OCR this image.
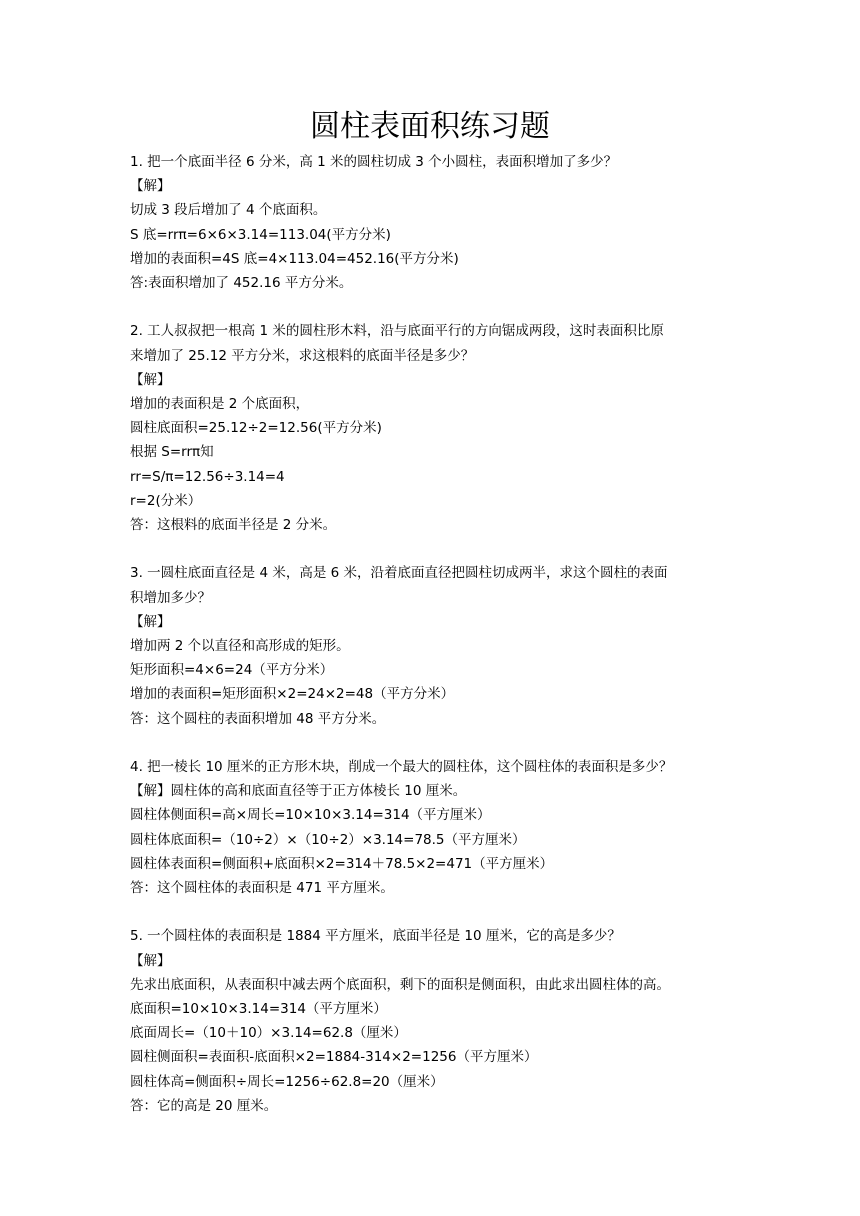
圆柱表面积练习题
1. 把一个底面半径 6 分米，高 1 米的圆柱切成 3 个小圆柱，表面积增加了多少？
【解】
切成 3 段后增加了 4 个底面积。
S 底=rrπ=6×6×3.14=113.04(平方分米)
增加的表面积=4S 底=4×113.04=452.16(平方分米)
答:表面积增加了 452.16 平方分米。
2. 工人叔叔把一根高 1 米的圆柱形木料，沿与底面平行的方向锯成两段，这时表面积比原
来增加了 25.12 平方分米，求这根料的底面半径是多少？
【解】
增加的表面积是 2 个底面积，
圆柱底面积=25.12÷2=12.56(平方分米)
根据 S=rrπ知
rr=S/π=12.56÷3.14=4
r=2(分米）
答：这根料的底面半径是 2 分米。
3. 一圆柱底面直径是 4 米，高是 6 米，沿着底面直径把圆柱切成两半，求这个圆柱的表面
积增加多少？
【解】
增加两 2 个以直径和高形成的矩形。
矩形面积=4×6=24（平方分米）
增加的表面积=矩形面积×2=24×2=48（平方分米）
答：这个圆柱的表面积增加 48 平方分米。
4. 把一棱长 10 厘米的正方形木块，削成一个最大的圆柱体，这个圆柱体的表面积是多少？
【解】圆柱体的高和底面直径等于正方体棱长 10 厘米。
圆柱体侧面积=高×周长=10×10×3.14=314（平方厘米）
圆柱体底面积=（10÷2）×（10÷2）×3.14=78.5（平方厘米）
圆柱体表面积=侧面积+底面积×2=314＋78.5×2=471（平方厘米）
答：这个圆柱体的表面积是 471 平方厘米。
5. 一个圆柱体的表面积是 1884 平方厘米，底面半径是 10 厘米，它的高是多少？
【解】
先求出底面积，从表面积中减去两个底面积，剩下的面积是侧面积，由此求出圆柱体的高。
底面积=10×10×3.14=314（平方厘米）
底面周长=（10＋10）×3.14=62.8（厘米）
圆柱侧面积=表面积-底面积×2=1884-314×2=1256（平方厘米）
圆柱体高=侧面积÷周长=1256÷62.8=20（厘米）
答：它的高是 20 厘米。
